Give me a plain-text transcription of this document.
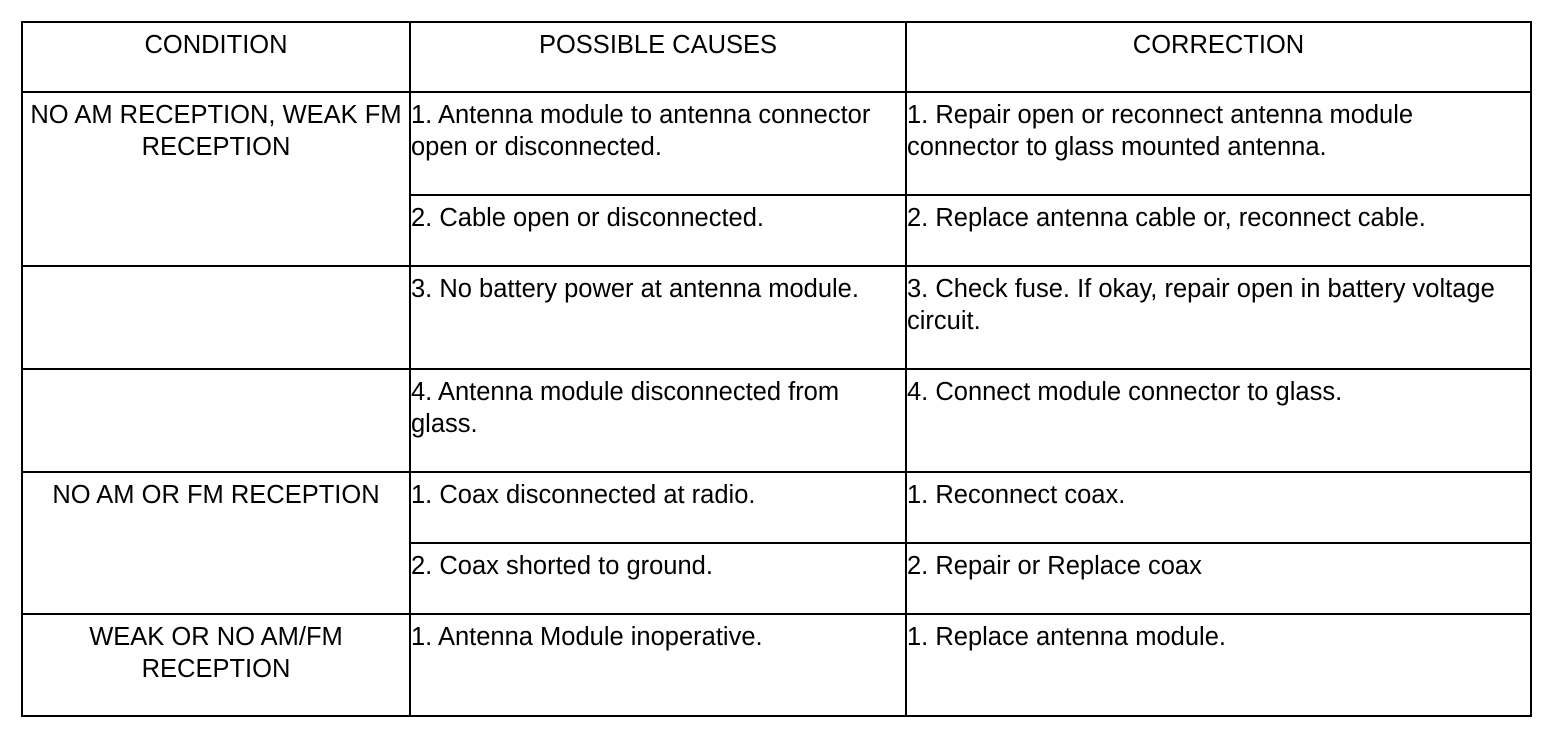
CONDITION	POSSIBLE CAUSES	CORRECTION
NO AM RECEPTION, WEAK FM RECEPTION	1. Antenna module to antenna connector open or disconnected.	1. Repair open or reconnect antenna module connector to glass mounted antenna.
	2. Cable open or disconnected.	2. Replace antenna cable or, reconnect cable.
	3. No battery power at antenna module.	3. Check fuse. If okay, repair open in battery voltage circuit.
	4. Antenna module disconnected from glass.	4. Connect module connector to glass.
NO AM OR FM RECEPTION	1. Coax disconnected at radio.	1. Reconnect coax.
	2. Coax shorted to ground.	2. Repair or Replace coax
WEAK OR NO AM/FM RECEPTION	1. Antenna Module inoperative.	1. Replace antenna module.
